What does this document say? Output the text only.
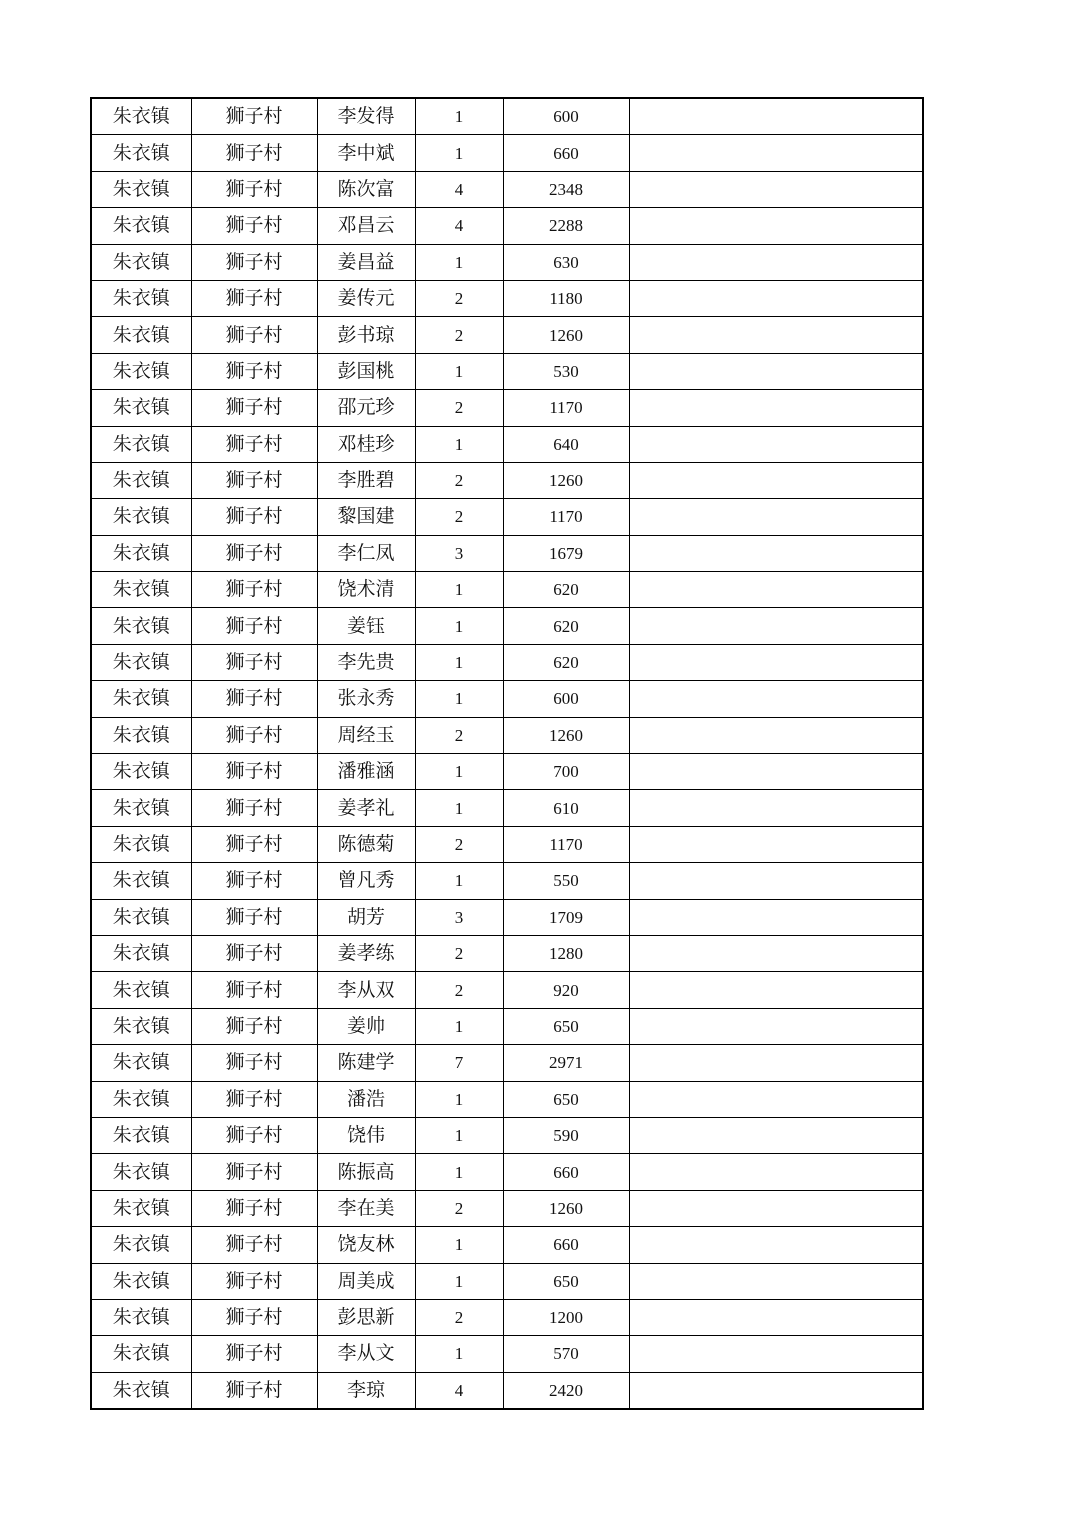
朱衣镇	狮子村	李发得	1	600	
朱衣镇	狮子村	李中斌	1	660	
朱衣镇	狮子村	陈次富	4	2348	
朱衣镇	狮子村	邓昌云	4	2288	
朱衣镇	狮子村	姜昌益	1	630	
朱衣镇	狮子村	姜传元	2	1180	
朱衣镇	狮子村	彭书琼	2	1260	
朱衣镇	狮子村	彭国桃	1	530	
朱衣镇	狮子村	邵元珍	2	1170	
朱衣镇	狮子村	邓桂珍	1	640	
朱衣镇	狮子村	李胜碧	2	1260	
朱衣镇	狮子村	黎国建	2	1170	
朱衣镇	狮子村	李仁凤	3	1679	
朱衣镇	狮子村	饶术清	1	620	
朱衣镇	狮子村	姜钰	1	620	
朱衣镇	狮子村	李先贵	1	620	
朱衣镇	狮子村	张永秀	1	600	
朱衣镇	狮子村	周经玉	2	1260	
朱衣镇	狮子村	潘雅涵	1	700	
朱衣镇	狮子村	姜孝礼	1	610	
朱衣镇	狮子村	陈德菊	2	1170	
朱衣镇	狮子村	曾凡秀	1	550	
朱衣镇	狮子村	胡芳	3	1709	
朱衣镇	狮子村	姜孝练	2	1280	
朱衣镇	狮子村	李从双	2	920	
朱衣镇	狮子村	姜帅	1	650	
朱衣镇	狮子村	陈建学	7	2971	
朱衣镇	狮子村	潘浩	1	650	
朱衣镇	狮子村	饶伟	1	590	
朱衣镇	狮子村	陈振高	1	660	
朱衣镇	狮子村	李在美	2	1260	
朱衣镇	狮子村	饶友林	1	660	
朱衣镇	狮子村	周美成	1	650	
朱衣镇	狮子村	彭思新	2	1200	
朱衣镇	狮子村	李从文	1	570	
朱衣镇	狮子村	李琼	4	2420	
